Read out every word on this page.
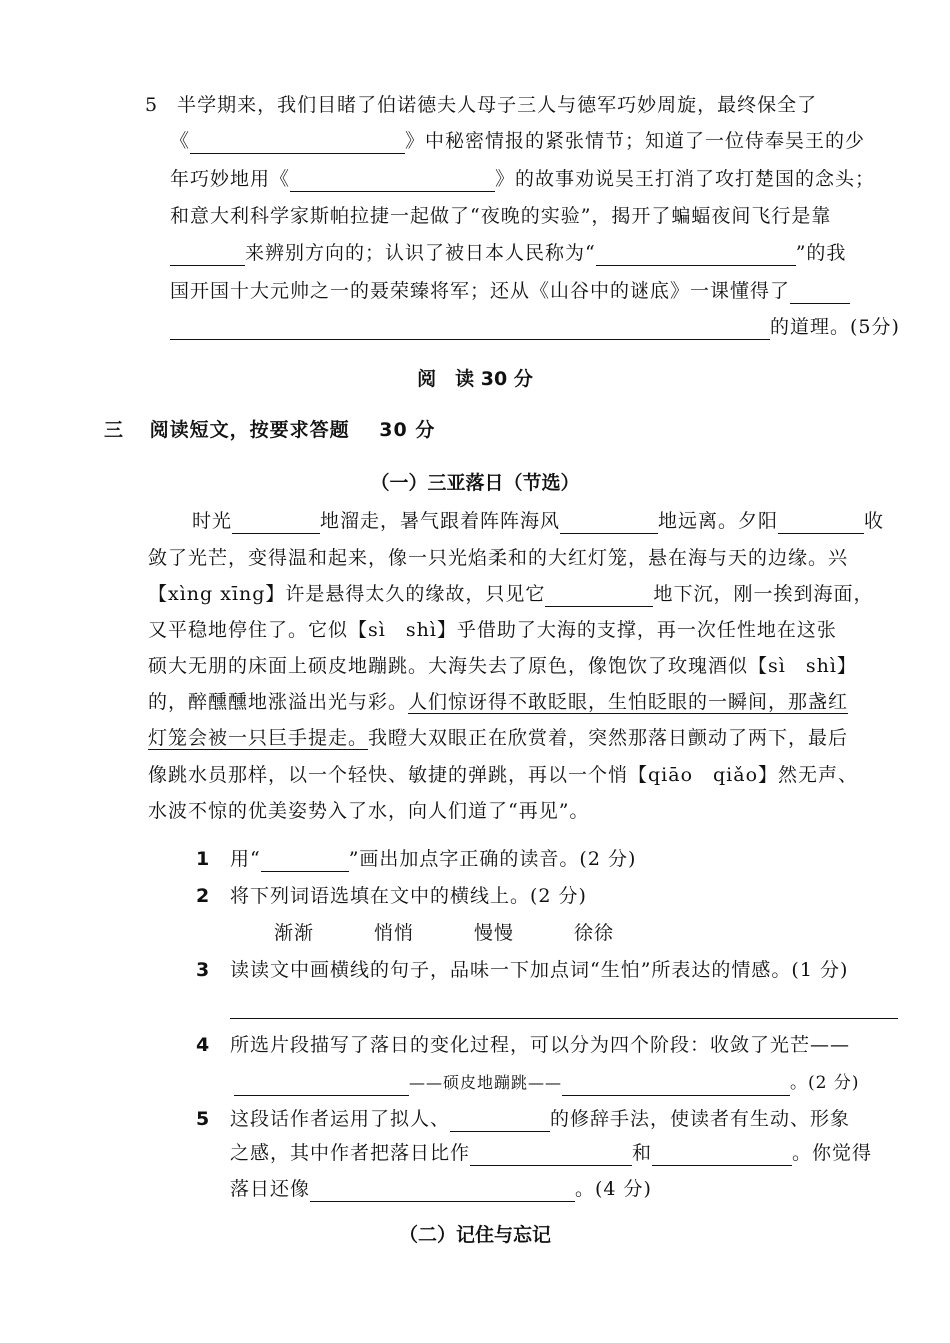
5 半学期来，我们目睹了伯诺德夫人母子三人与德军巧妙周旋，最终保全了
《	》中秘密情报的紧张情节；知道了一位侍奉吴王的少
年巧妙地用《	》的故事劝说吴王打消了攻打楚国的念头；
和意大利科学家斯帕拉捷一起做了“夜晚的实验”，揭开了蝙蝠夜间飞行是靠
来辨别方向的；认识了被日本人民称为“	”的我
国开国十大元帅之一的聂荣臻将军；还从《山谷中的谜底》一课懂得了
的道理。(5分)
阅　读 30 分
三 阅读短文，按要求答题 30 分
（一）三亚落日（节选）
时光	地溜走，暑气跟着阵阵海风	地远离。夕阳	收
敛了光芒，变得温和起来，像一只光焰柔和的大红灯笼，悬在海与天的边缘。兴
【xìng xīng】许是悬得太久的缘故，只见它	地下沉，刚一挨到海面，
又平稳地停住了。它似【sì　shì】乎借助了大海的支撑，再一次任性地在这张
硕大无朋的床面上硕皮地蹦跳。大海失去了原色，像饱饮了玫瑰酒似【sì　shì】
的，醉醺醺地涨溢出光与彩。人们惊讶得不敢眨眼，生怕眨眼的一瞬间，那盏红
灯笼会被一只巨手提走。我瞪大双眼正在欣赏着，突然那落日颤动了两下，最后
像跳水员那样，以一个轻快、敏捷的弹跳，再以一个悄【qiāo　qiǎo】然无声、
水波不惊的优美姿势入了水，向人们道了“再见”。
1 用“	”画出加点字正确的读音。(2 分)
2 将下列词语选填在文中的横线上。(2 分)
渐渐	悄悄	慢慢	徐徐
3 读读文中画横线的句子，品味一下加点词“生怕”所表达的情感。(1 分)
4 所选片段描写了落日的变化过程，可以分为四个阶段：收敛了光芒——
——硕皮地蹦跳——	。(2 分)
5 这段话作者运用了拟人、	的修辞手法，使读者有生动、形象
之感，其中作者把落日比作	和	。你觉得
落日还像	。(4 分)
（二）记住与忘记
